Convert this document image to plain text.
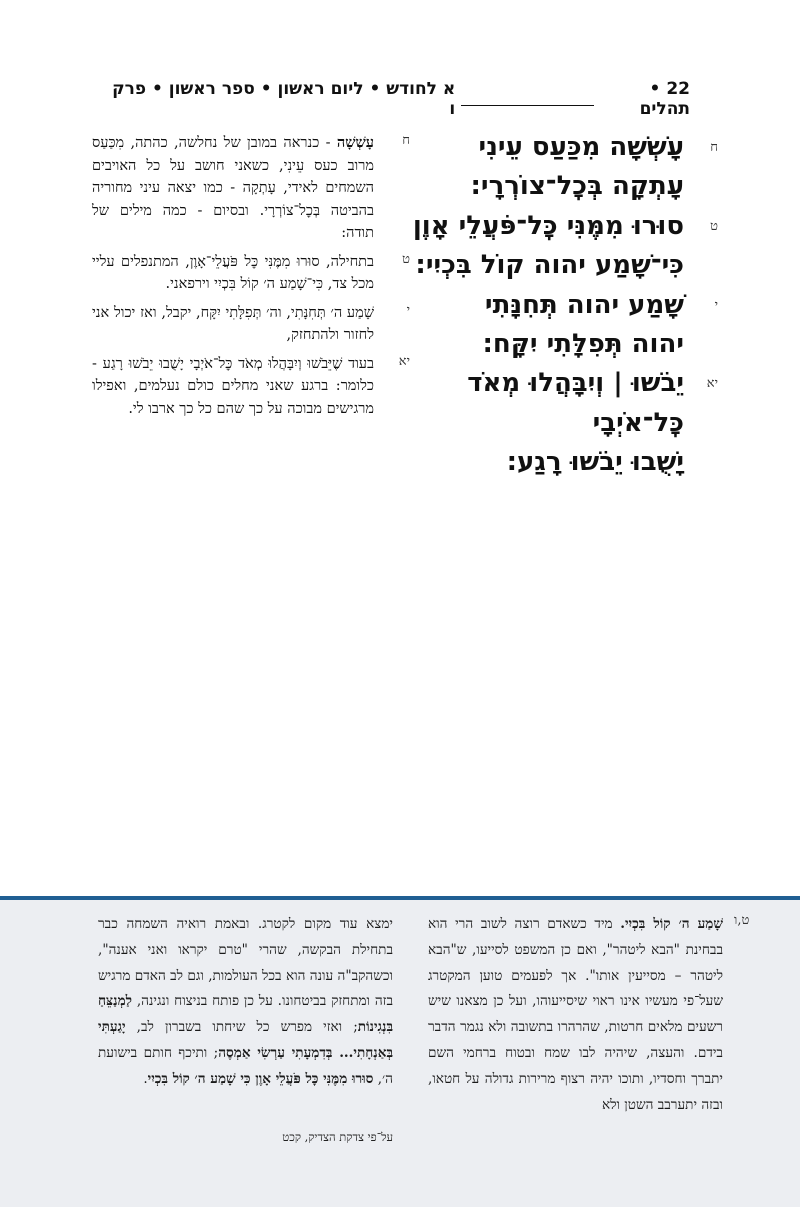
22 • תהלים
א לחודש • ליום ראשון • ספר ראשון • פרק ו
ח
עָשְׁשָׁה מִכַּעַס עֵינִי
עָתְקָה בְּכׇל־צוֹרְרָי:
ט
סוּרוּ מִמֶּנִּי כׇּל־פֹּעֲלֵי אָוֶן
כִּי־שָׁמַע יהוה קוֹל בִּכְיִי:
י
שָׁמַע יהוה תְּחִנָּתִי
יהוה תְּפִלָּתִי יִקָּח:
יא
יֵבֹשׁוּ | וְיִבָּהֲלוּ מְאֹד
כׇּל־אֹיְבָי
יָשֻׁבוּ יֵבֹשׁוּ רָגַע:
ח

עָשְׁשָׁה - כנראה במובן של נחלשה, כהתה, מִכַּעַס מרוב כעס עֵינִי, כשאני חושב על כל האויבים השמחים לאידי, עָתְקָה - כמו יצאה עיני מחוריה בהביטה בְּכׇל־צוֹרְרָי. ובסיום - כמה מילים של תודה:

ט

בתחילה, סוּרוּ מִמֶּנִּי כׇּל פֹּעֲלֵי־אָוֶן, המתנפלים עליי מכל צד, כִּי־שָׁמַע ה׳ קוֹל בִּכְיִי וירפאני.

י

שָׁמַע ה׳ תְּחִנָּתִי, וה׳ תְּפִלָּתִי יִקָּח, יקבל, ואז יכול אני לחזור ולהתחזק,

יא

בעוד שֶׁיֵּבֹשׁוּ וְיִבָּהֲלוּ מְאֹד כׇּל־אֹיְבָי יָשֻׁבוּ יֵבֹשׁוּ רָגַע - כלומר: ברגע שאני מחלים כולם נעלמים, ואפילו מרגישים מבוכה על כך שהם כל כך ארבו לי.

ט,ו

שָׁמַע ה׳ קוֹל בִּכְיִי. מיד כשאדם רוצה לשוב הרי הוא בבחינת "הבא ליטהר", ואם כן המשפט לסייעו, ש"הבא ליטהר – מסייעין אותו". אך לפעמים טוען המקטרג שעל־פי מעשיו אינו ראוי שיסייעוהו, ועל כן מצאנו שיש רשעים מלאים חרטות, שהרהרו בתשובה ולא נגמר הדבר בידם. והעצה, שיהיה לבו שמח ובטוח ברחמי השם יתברך וחסדיו, ותוכו יהיה רצוף מרירות גדולה על חטאו, ובזה יתערבב השטן ולא

ימצא עוד מקום לקטרג. ובאמת רואיה השמחה כבר בתחילת הבקשה, שהרי "טרם יקראו ואני אענה", וכשהקב"ה עונה הוא בכל העולמות, וגם לב האדם מרגיש בזה ומתחזק בביטחונו. על כן פותח בניצוח ונגינה, לַמְנַצֵּחַ בִּנְגִינוֹת; ואזי מפרש כל שיחתו בשברון לב, יָגַעְתִּי בְּאַנְחָתִי... בְּדִמְעָתִי עַרְשִׂי אַמְסֶה; ותיכף חותם בישועת ה׳, סוּרוּ מִמֶּנִּי כׇּל פֹּעֲלֵי אָוֶן כִּי שָׁמַע ה׳ קוֹל בִּכְיִי.

על־פי צדקת הצדיק, קכט
